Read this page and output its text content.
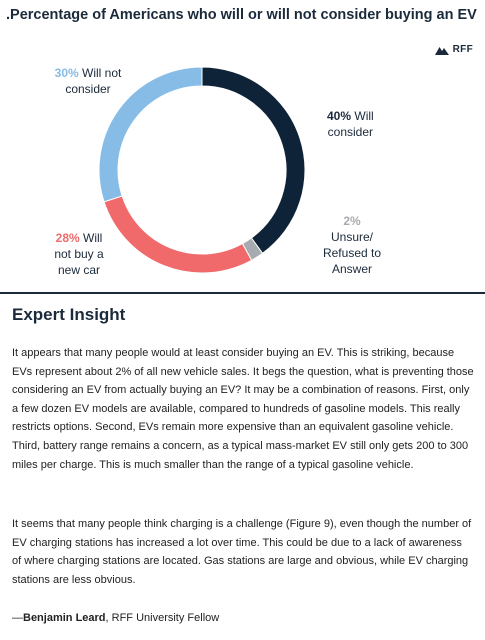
.Percentage of Americans who will or will not consider buying an EV
RFF
40% Will
consider
2%
Unsure/
Refused to
Answer
28% Will
not buy a
new car
30% Will not
consider
Expert Insight

It appears that many people would at least consider buying an EV. This is striking, because EVs represent about 2% of all new vehicle sales. It begs the question, what is preventing those considering an EV from actually buying an EV? It may be a combination of reasons. First, only a few dozen EV models are available, compared to hundreds of gasoline models. This really restricts options. Second, EVs remain more expensive than an equivalent gasoline vehicle. Third, battery range remains a concern, as a typical mass-market EV still only gets 200 to 300 miles per charge. This is much smaller than the range of a typical gasoline vehicle.

It seems that many people think charging is a challenge (Figure 9), even though the number of EV charging stations has increased a lot over time. This could be due to a lack of awareness of where charging stations are located. Gas stations are large and obvious, while EV charging stations are less obvious.

—Benjamin Leard, RFF University Fellow
